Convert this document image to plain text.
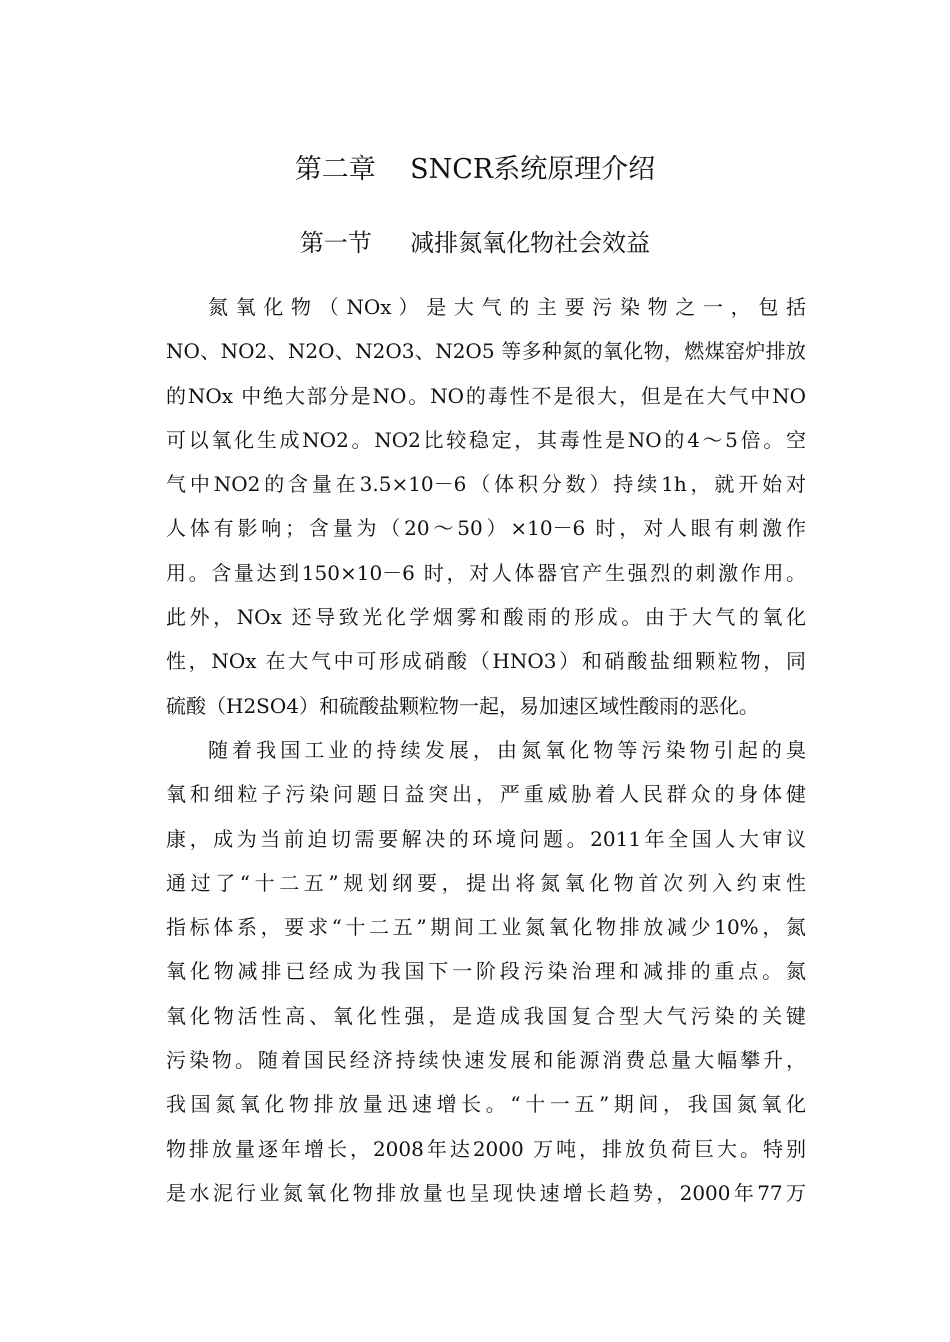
第二章    SNCR系统原理介绍
第一节     减排氮氧化物社会效益
氮 氧 化 物 （ NOx ） 是 大 气 的 主 要 污 染 物 之 一 ， 包 括
NO、NO2、N2O、N2O3、N2O5 等多种氮的氧化物，燃煤窑炉排放
的NOx 中绝大部分是NO。NO的毒性不是很大，但是在大气中NO
可以氧化生成NO2。NO2比较稳定，其毒性是NO的4～5倍。空
气中NO2的含量在3.5×10－6（体积分数）持续1h，就开始对
人体有影响；含量为（20～50）×10－6 时，对人眼有刺激作
用。含量达到150×10－6 时，对人体器官产生强烈的刺激作用。
此外，NOx 还导致光化学烟雾和酸雨的形成。由于大气的氧化
性，NOx 在大气中可形成硝酸（HNO3）和硝酸盐细颗粒物，同
硫酸（H2SO4）和硫酸盐颗粒物一起，易加速区域性酸雨的恶化。
随着我国工业的持续发展，由氮氧化物等污染物引起的臭
氧和细粒子污染问题日益突出，严重威胁着人民群众的身体健
康，成为当前迫切需要解决的环境问题。2011年全国人大审议
通过了“十二五”规划纲要，提出将氮氧化物首次列入约束性
指标体系，要求“十二五”期间工业氮氧化物排放减少10%，氮
氧化物减排已经成为我国下一阶段污染治理和减排的重点。氮
氧化物活性高、氧化性强，是造成我国复合型大气污染的关键
污染物。随着国民经济持续快速发展和能源消费总量大幅攀升，
我国氮氧化物排放量迅速增长。“十一五”期间，我国氮氧化
物排放量逐年增长，2008年达2000 万吨，排放负荷巨大。特别
是水泥行业氮氧化物排放量也呈现快速增长趋势，2000年77万
